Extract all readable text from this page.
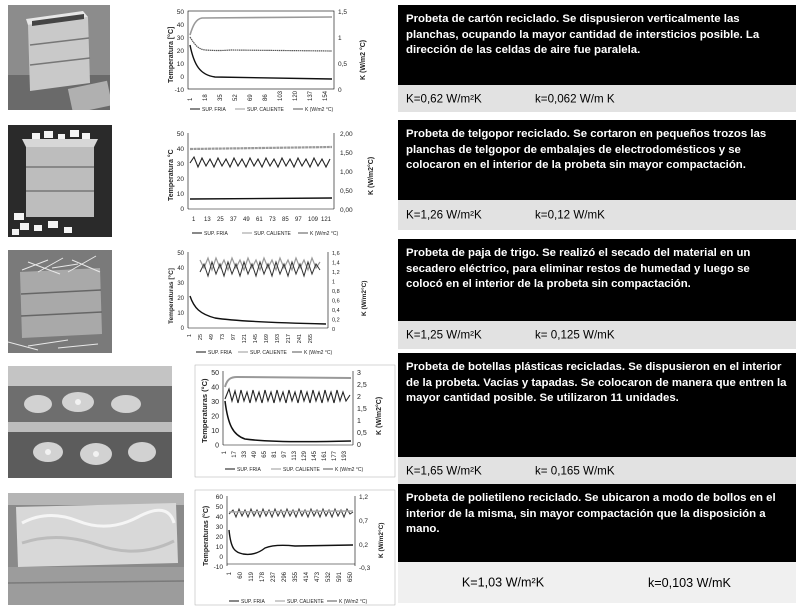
Temperatura [°C]	K (W/m2 °C)
50
40
30
20
10
0
-10
1,5
1
0,5
0
1 18 35 52 69 86 103 120 137 154
SUP. FRIA	SUP. CALIENTE	K (W/m2 °C)
Probeta de cartón reciclado. Se dispusieron verticalmente las planchas, ocupando la mayor cantidad de intersticios posible. La dirección de las celdas de aire fue paralela.
K=0,62 W/m²K	k=0,062 W/m K
Temperatura °C	K (W/m2°C)
50
40
30
20
10
0
2,00
1,50
1,00
0,50
0,00
1 13 25 37 49 61 73 85 97 109 121
SUP. FRIA	SUP. CALIENTE	K (W/m2 °C)
Probeta de telgopor reciclado. Se cortaron en pequeños trozos las planchas de telgopor de embalajes de electrodomésticos y se colocaron en el interior de la probeta sin mayor compactación.
K=1,26 W/m²K	k=0,12 W/mK
Temperaturas [°C]	K (W/m2°C)
50
40
30
20
10
0
1,6
1,4
1,2
1
0,8
0,6
0,4
0,2
0
1 25 49 73 97 121 145 169 193 217 241 265
SUP. FRIA	SUP. CALIENTE	K (W/m2 °C)
Probeta de paja de trigo. Se realizó el secado del material en un secadero eléctrico, para eliminar restos de humedad y luego se colocó en el interior de la probeta sin compactación.
K=1,25 W/m²K	k= 0,125 W/mK
Temperaturas (°C)	K (W/m2°C)
50
40
30
20
10
0
3
2,5
2
1,5
1
0,5
0
1 17 33 49 65 81 97 113 129 145 161 177 193
SUP. FRIA	SUP. CALIENTE	K (W/m2 °C)
Probeta de botellas plásticas recicladas. Se dispusieron en el interior de la probeta. Vacías y tapadas. Se colocaron de manera que entren la mayor cantidad posible. Se utilizaron 11 unidades.
K=1,65 W/m²K	k= 0,165 W/mK
Temperaturas (°C)	K (W/m2°C)
60
50
40
30
20
10
0
-10
1,2
0,7
0,2
-0,3
1 60 119 178 237 296 355 414 473 532 591 650
SUP. FRIA	SUP. CALIENTE	K (W/m2 °C)
Probeta de polietileno reciclado. Se ubicaron a modo de bollos en el interior de la misma, sin mayor compactación que la disposición a mano.
K=1,03 W/m²K	k=0,103 W/mK
